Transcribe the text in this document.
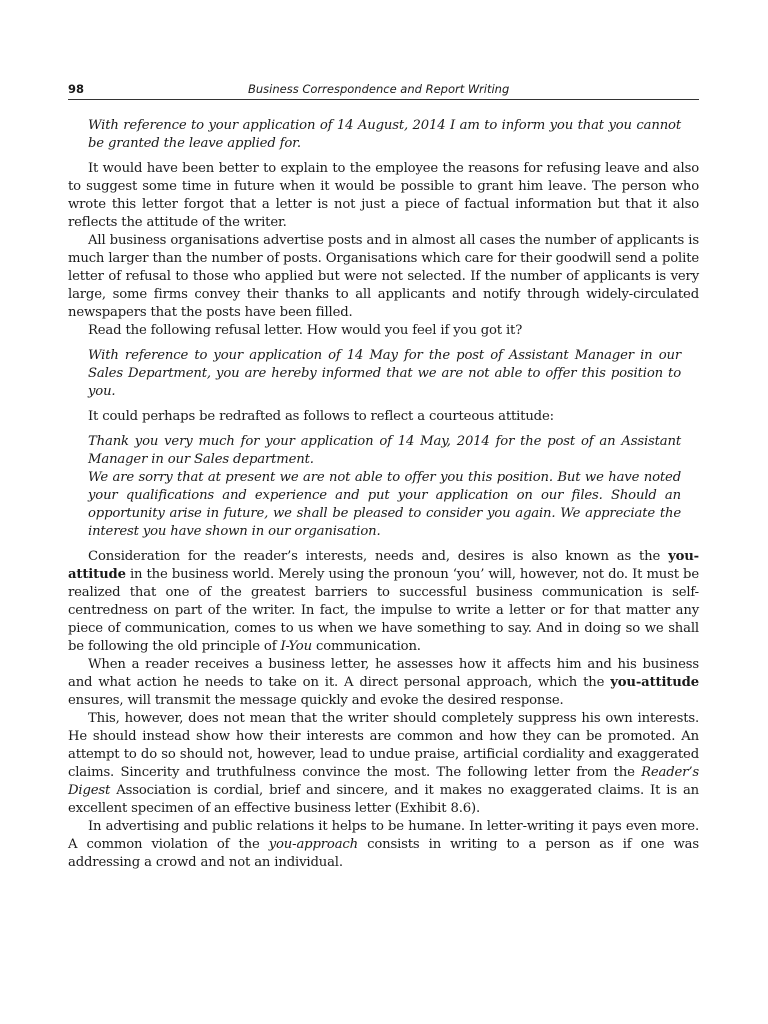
98	Business Correspondence and Report Writing

With reference to your application of 14 August, 2014 I am to inform you that you cannot be granted the leave applied for.

It would have been better to explain to the employee the reasons for refusing leave and also to suggest some time in future when it would be possible to grant him leave. The person who wrote this letter forgot that a letter is not just a piece of factual information but that it also reflects the attitude of the writer.

All business organisations advertise posts and in almost all cases the number of applicants is much larger than the number of posts. Organisations which care for their goodwill send a polite letter of refusal to those who applied but were not selected. If the number of applicants is very large, some firms convey their thanks to all applicants and notify through widely-circulated newspapers that the posts have been filled.

Read the following refusal letter. How would you feel if you got it?

With reference to your application of 14 May for the post of Assistant Manager in our Sales Department, you are hereby informed that we are not able to offer this position to you.

It could perhaps be redrafted as follows to reflect a courteous attitude:

Thank you very much for your application of 14 May, 2014 for the post of an Assistant Manager in our Sales department.

We are sorry that at present we are not able to offer you this position. But we have noted your qualifications and experience and put your application on our files. Should an opportunity arise in future, we shall be pleased to consider you again. We appreciate the interest you have shown in our organisation.

Consideration for the reader’s interests, needs and, desires is also known as the you-attitude in the business world. Merely using the pronoun ‘you’ will, however, not do. It must be realized that one of the greatest barriers to successful business communication is self-centredness on part of the writer. In fact, the impulse to write a letter or for that matter any piece of communication, comes to us when we have something to say. And in doing so we shall be following the old principle of I-You communication.

When a reader receives a business letter, he assesses how it affects him and his business and what action he needs to take on it. A direct personal approach, which the you-attitude ensures, will transmit the message quickly and evoke the desired response.

This, however, does not mean that the writer should completely suppress his own interests. He should instead show how their interests are common and how they can be promoted. An attempt to do so should not, however, lead to undue praise, artificial cordiality and exaggerated claims. Sincerity and truthfulness convince the most. The following letter from the Reader’s Digest Association is cordial, brief and sincere, and it makes no exaggerated claims. It is an excellent specimen of an effective business letter (Exhibit 8.6).

In advertising and public relations it helps to be humane. In letter-writing it pays even more. A common violation of the you-approach consists in writing to a person as if one was addressing a crowd and not an individual.
